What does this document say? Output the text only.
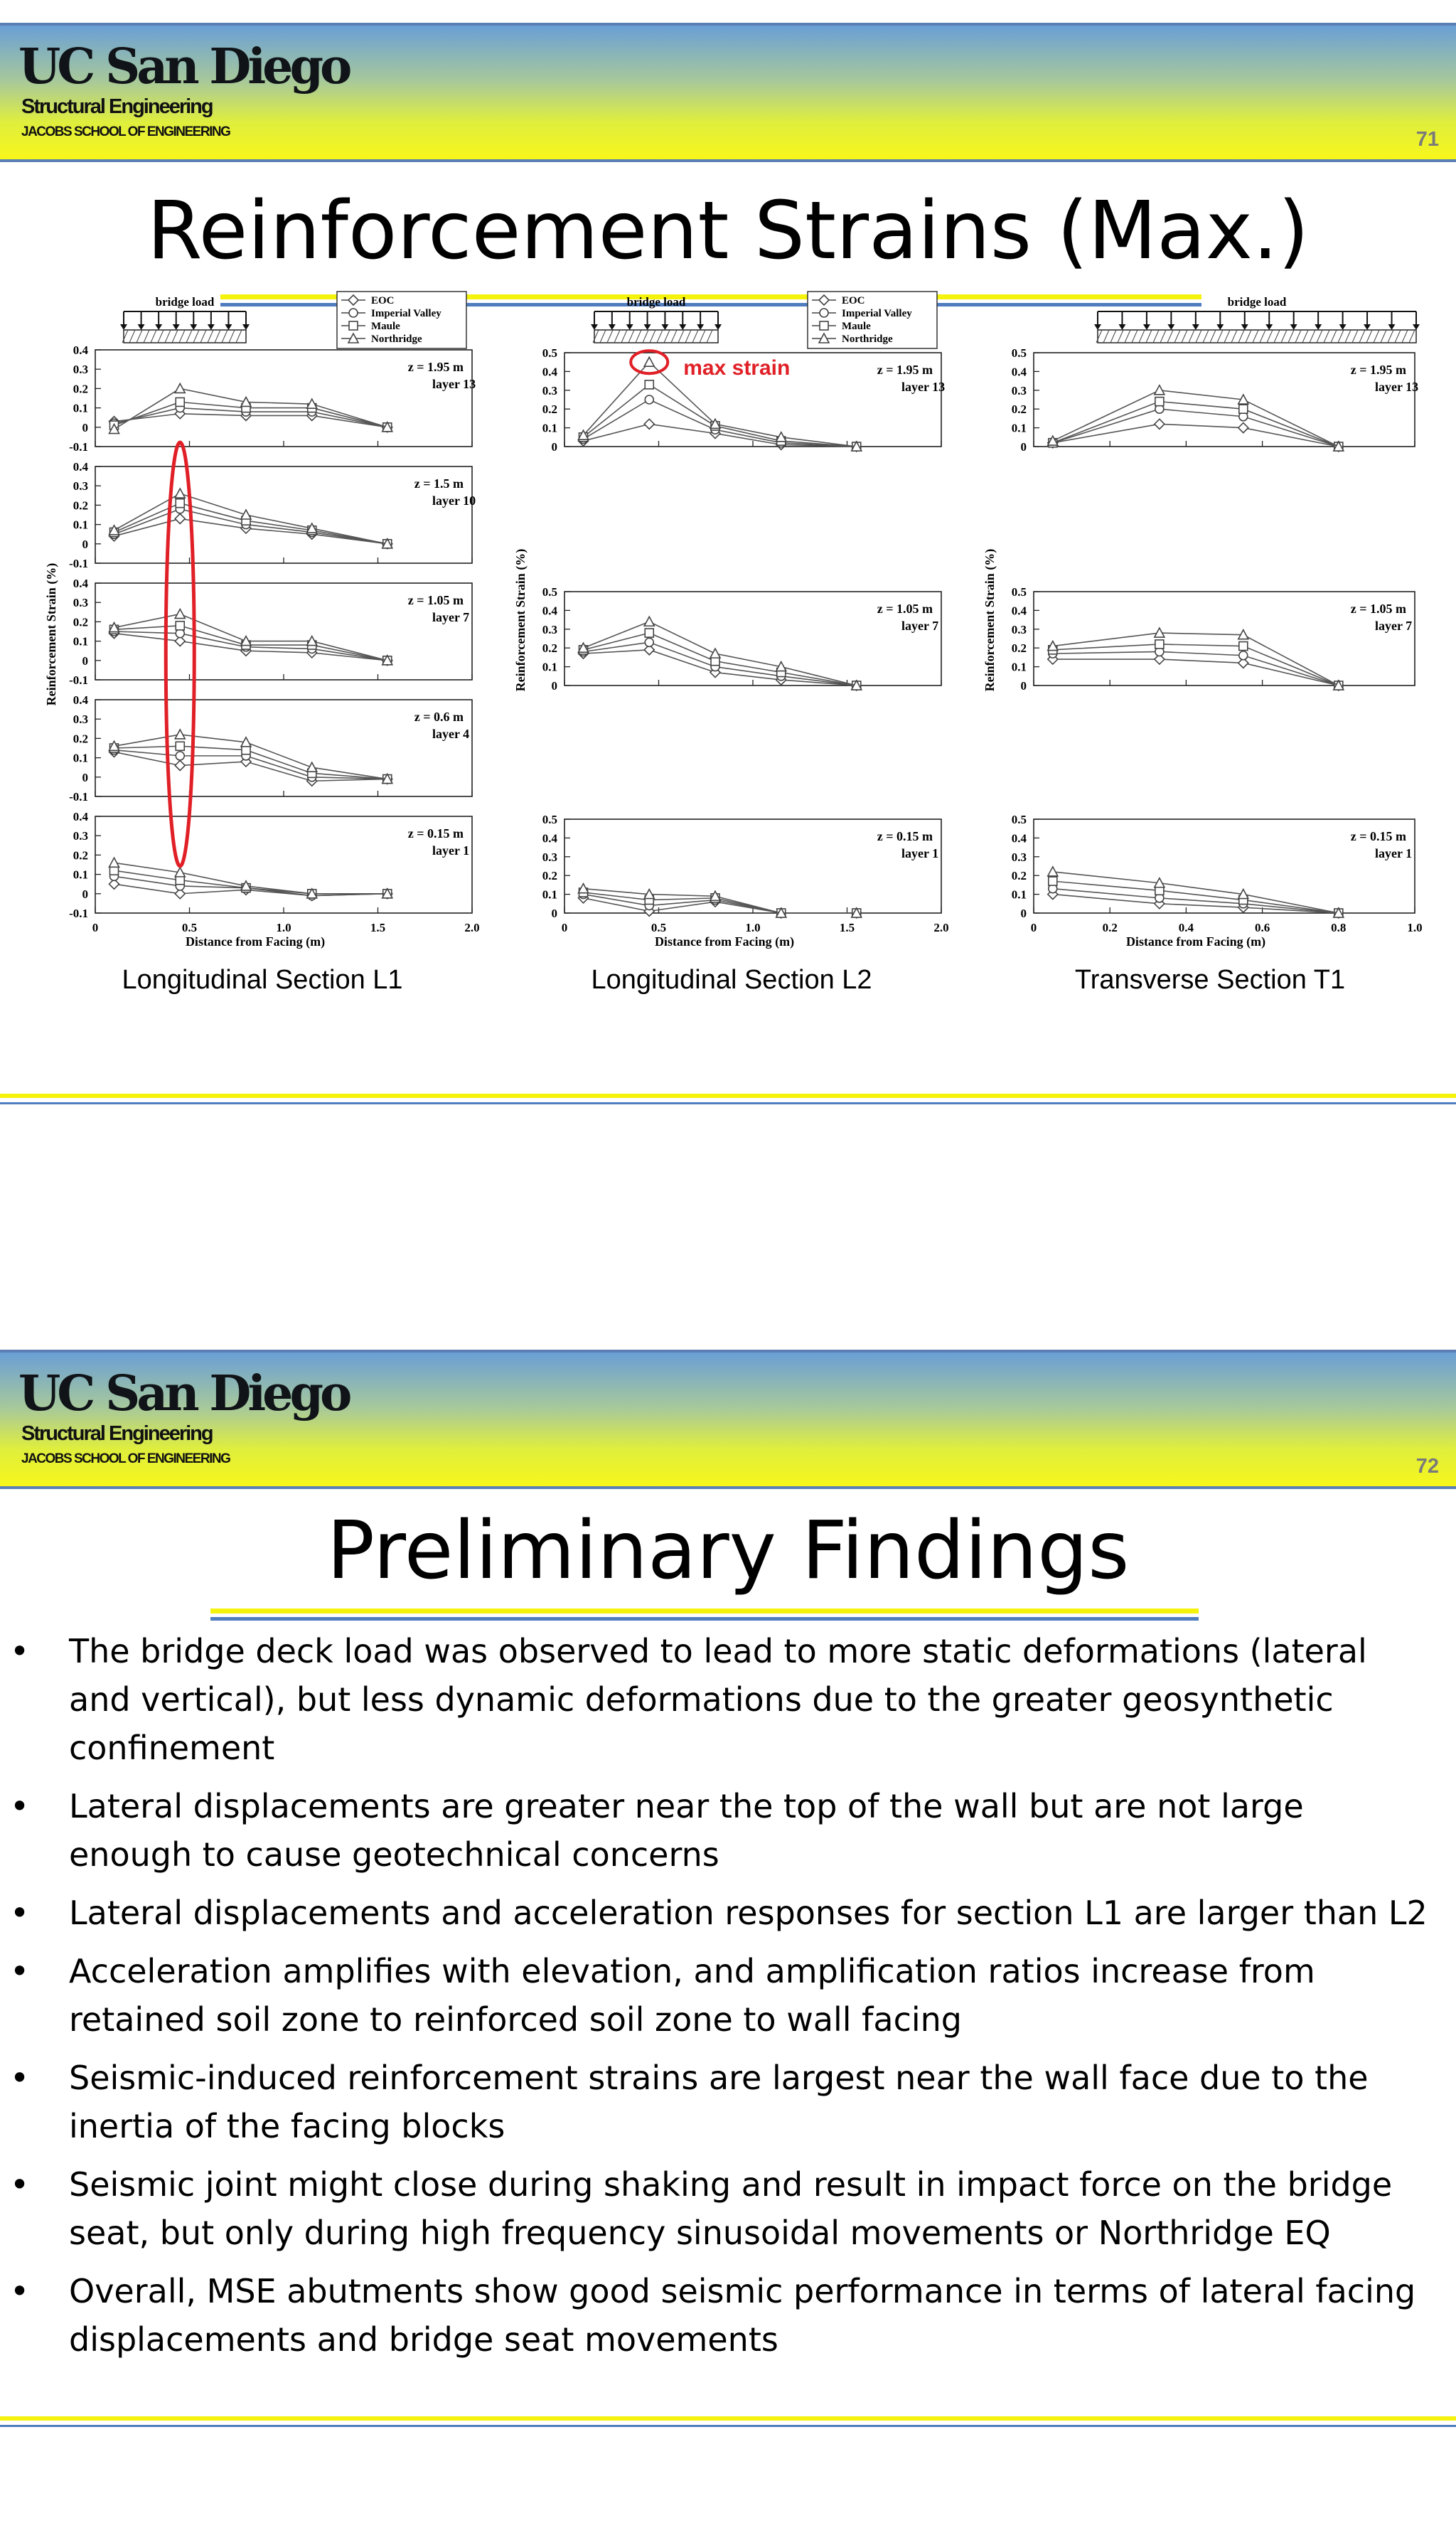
UC San Diego
Structural Engineering
JACOBS SCHOOL OF ENGINEERING	71
Reinforcement Strains (Max.)
bridge load	EOC
Imperial Valley
Maule
Northridge
0.4
0.3
0.2
0.1
0
-0.1
z = 1.95 m
layer 13
0.4
0.3
0.2
0.1
0
-0.1
z = 1.5 m
layer 10
0.4
0.3
0.2
0.1
0
-0.1
z = 1.05 m
layer 7
0.4
0.3
0.2
0.1
0
-0.1
z = 0.6 m
layer 4
0.4
0.3
0.2
0.1
0
-0.1
z = 0.15 m
layer 1
0	0.5	1.0	1.5	2.0
Distance from Facing (m)
Reinforcement Strain (%)
Longitudinal Section L1
bridge load	EOC
Imperial Valley
Maule
Northridge
0.5
0.4
0.3
0.2
0.1
0
z = 1.95 m
layer 13
0.5
0.4
0.3
0.2
0.1
0
z = 1.05 m
layer 7
0.5
0.4
0.3
0.2
0.1
0
z = 0.15 m
layer 1
0	0.5	1.0	1.5	2.0
Distance from Facing (m)
Reinforcement Strain (%)
Longitudinal Section L2
bridge load
0.5
0.4
0.3
0.2
0.1
0
z = 1.95 m
layer 13
0.5
0.4
0.3
0.2
0.1
0
z = 1.05 m
layer 7
0.5
0.4
0.3
0.2
0.1
0
z = 0.15 m
layer 1
0	0.2	0.4	0.6	0.8	1.0
Distance from Facing (m)
Reinforcement Strain (%)
Transverse Section T1
max strain
UC San Diego
Structural Engineering
JACOBS SCHOOL OF ENGINEERING	72
Preliminary Findings
• The bridge deck load was observed to lead to more static deformations (lateral and vertical), but less dynamic deformations due to the greater geosynthetic confinement
• Lateral displacements are greater near the top of the wall but are not large enough to cause geotechnical concerns
• Lateral displacements and acceleration responses for section L1 are larger than L2
• Acceleration amplifies with elevation, and amplification ratios increase from retained soil zone to reinforced soil zone to wall facing
• Seismic-induced reinforcement strains are largest near the wall face due to the inertia of the facing blocks
• Seismic joint might close during shaking and result in impact force on the bridge seat, but only during high frequency sinusoidal movements or Northridge EQ
• Overall, MSE abutments show good seismic performance in terms of lateral facing displacements and bridge seat movements
